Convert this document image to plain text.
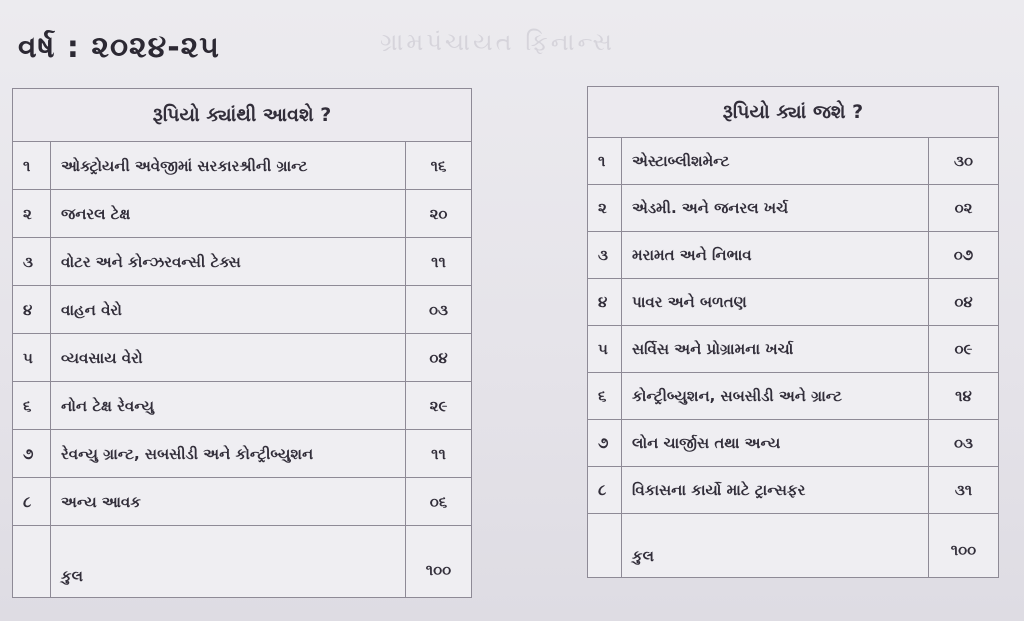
વર્ષ : ૨૦૨૪-૨૫	ગ્રામપંચાયત ફિનાન્સ
રૂપિયો ક્યાંથી આવશે ?		
૧	ઓક્ટ્રોયની અવેજીમાં સરકારશ્રીની ગ્રાન્ટ	૧૬
૨	જનરલ ટેક્ષ	૨૦
૩	વોટર અને કોન્ઝરવન્સી ટેક્સ	૧૧
૪	વાહન વેરો	૦૩
૫	વ્યવસાય વેરો	૦૪
૬	નોન ટેક્ષ રેવન્યુ	૨૯
૭	રેવન્યુ ગ્રાન્ટ, સબસીડી અને કોન્ટ્રીબ્યુશન	૧૧
૮	અન્ય આવક	૦૬
	કુલ	૧૦૦
રૂપિયો ક્યાં જશે ?		
૧	એસ્ટાબ્લીશમેન્ટ	૩૦
૨	એડમી. અને જનરલ ખર્ચ	૦૨
૩	મરામત અને નિભાવ	૦૭
૪	પાવર અને બળતણ	૦૪
૫	સર્વિસ અને પ્રોગ્રામના ખર્ચા	૦૯
૬	કોન્ટ્રીબ્યુશન, સબસીડી અને ગ્રાન્ટ	૧૪
૭	લોન ચાર્જીસ તથા અન્ય	૦૩
૮	વિકાસના કાર્યો માટે ટ્રાન્સફર	૩૧
	કુલ	૧૦૦
